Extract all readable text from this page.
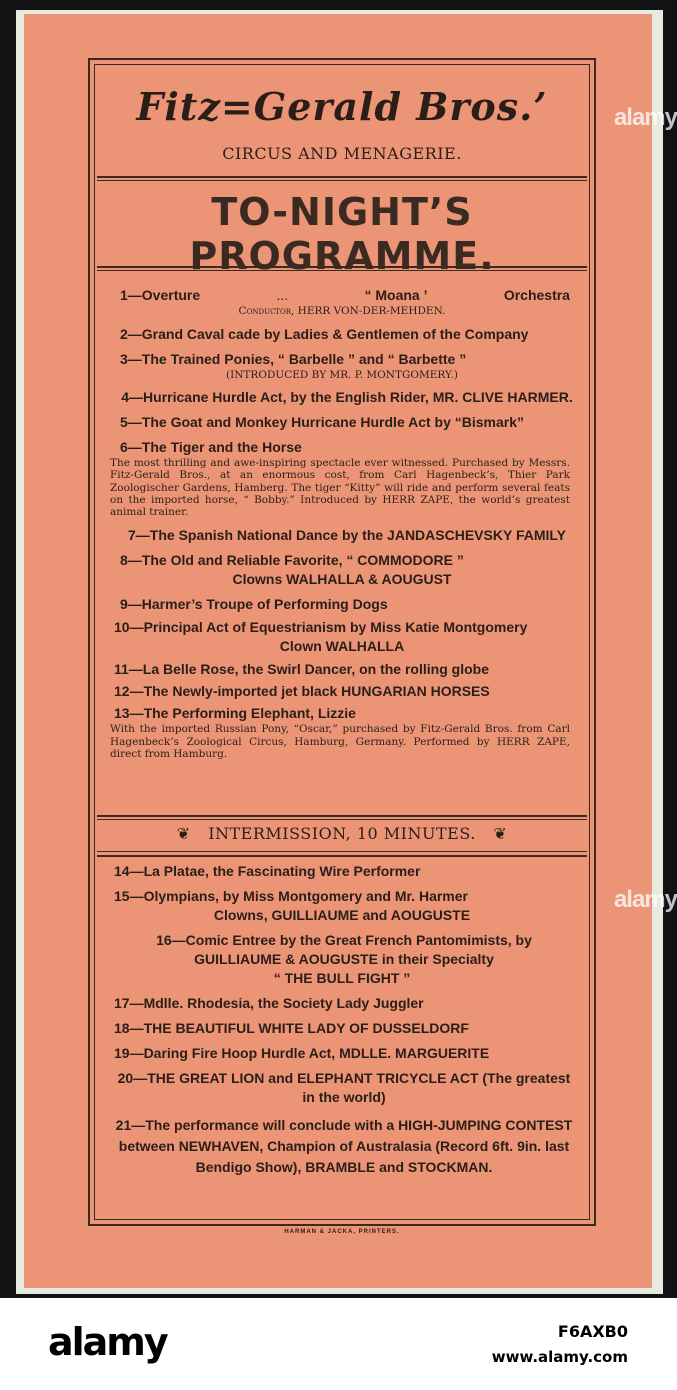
Fitz=Gerald Bros.’
CIRCUS AND MENAGERIE.
TO-NIGHT’S PROGRAMME.
1—Overture	...	“ Moana ’	Orchestra
Conductor, HERR VON-DER-MEHDEN.
2—Grand Caval cade by Ladies & Gentlemen of the Company
3—The Trained Ponies, “ Barbelle ” and “ Barbette ”
(INTRODUCED BY MR. P. MONTGOMERY.)
4—Hurricane Hurdle Act, by the English Rider, MR. CLIVE HARMER.
5—The Goat and Monkey Hurricane Hurdle Act by “Bismark”
6—The Tiger and the Horse
The most thrilling and awe-inspiring spectacle ever witnessed. Purchased by Messrs. Fitz-Gerald Bros., at an enormous cost, from Carl Hagenbeck’s, Thier Park Zoologischer Gardens, Hamberg. The tiger “Kitty” will ride and perform several feats on the imported horse, “ Bobby.” Introduced by HERR ZAPE, the world’s greatest animal trainer.
7—The Spanish National Dance by the JANDASCHEVSKY FAMILY
8—The Old and Reliable Favorite, “ COMMODORE ”
Clowns WALHALLA & AOUGUST
9—Harmer’s Troupe of Performing Dogs
10—Principal Act of Equestrianism by Miss Katie Montgomery
Clown WALHALLA
11—La Belle Rose, the Swirl Dancer, on the rolling globe
12—The Newly-imported jet black HUNGARIAN HORSES
13—The Performing Elephant, Lizzie
With the imported Russian Pony, “Oscar,” purchased by Fitz-Gerald Bros. from Carl Hagenbeck’s Zoological Circus, Hamburg, Germany. Performed by HERR ZAPE, direct from Hamburg.
❦ INTERMISSION, 10 MINUTES. ❦
14—La Platae, the Fascinating Wire Performer
15—Olympians, by Miss Montgomery and Mr. Harmer
Clowns, GUILLIAUME and AOUGUSTE
16—Comic Entree by the Great French Pantomimists, by GUILLIAUME & AOUGUSTE in their Specialty
“ THE BULL FIGHT ”
17—Mdlle. Rhodesia, the Society Lady Juggler
18—THE BEAUTIFUL WHITE LADY OF DUSSELDORF
19—Daring Fire Hoop Hurdle Act, MDLLE. MARGUERITE
20—THE GREAT LION and ELEPHANT TRICYCLE ACT (The greatest in the world)
21—The performance will conclude with a HIGH-JUMPING CONTEST between NEWHAVEN, Champion of Australasia (Record 6ft. 9in. last Bendigo Show), BRAMBLE and STOCKMAN.
HARMAN & JACKA, PRINTERS.
alamy
alamy
alamy	F6AXB0
www.alamy.com
